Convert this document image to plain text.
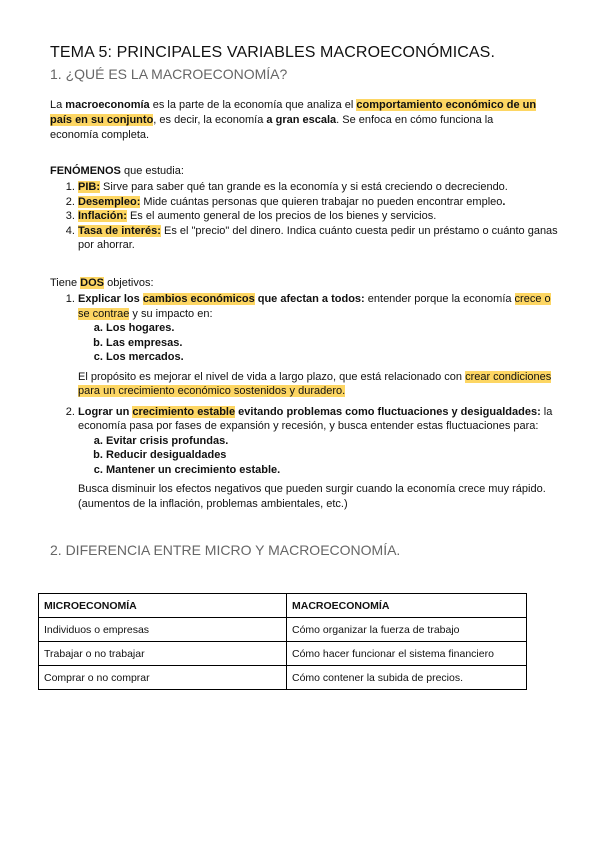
TEMA 5: PRINCIPALES VARIABLES MACROECONÓMICAS.
1. ¿QUÉ ES LA MACROECONOMÍA?
La macroeconomía es la parte de la economía que analiza el comportamiento económico de un país en su conjunto, es decir, la economía a gran escala. Se enfoca en cómo funciona la economía completa.
FENÓMENOS que estudia:
1. PIB: Sirve para saber qué tan grande es la economía y si está creciendo o decreciendo.
2. Desempleo: Mide cuántas personas que quieren trabajar no pueden encontrar empleo.
3. Inflación: Es el aumento general de los precios de los bienes y servicios.
4. Tasa de interés: Es el "precio" del dinero. Indica cuánto cuesta pedir un préstamo o cuánto ganas por ahorrar.
Tiene DOS objetivos:
1. Explicar los cambios económicos que afectan a todos: entender porque la economía crece o se contrae y su impacto en:
a. Los hogares.
b. Las empresas.
c. Los mercados.
El propósito es mejorar el nivel de vida a largo plazo, que está relacionado con crear condiciones para un crecimiento económico sostenidos y duradero.
2. Lograr un crecimiento estable evitando problemas como fluctuaciones y desigualdades: la economía pasa por fases de expansión y recesión, y busca entender estas fluctuaciones para:
a. Evitar crisis profundas.
b. Reducir desigualdades
c. Mantener un crecimiento estable.
Busca disminuir los efectos negativos que pueden surgir cuando la economía crece muy rápido. (aumentos de la inflación, problemas ambientales, etc.)
2. DIFERENCIA ENTRE MICRO Y MACROECONOMÍA.
MICROECONOMÍA	MACROECONOMÍA
Individuos o empresas	Cómo organizar la fuerza de trabajo
Trabajar o no trabajar	Cómo hacer funcionar el sistema financiero
Comprar o no comprar	Cómo contener la subida de precios.
